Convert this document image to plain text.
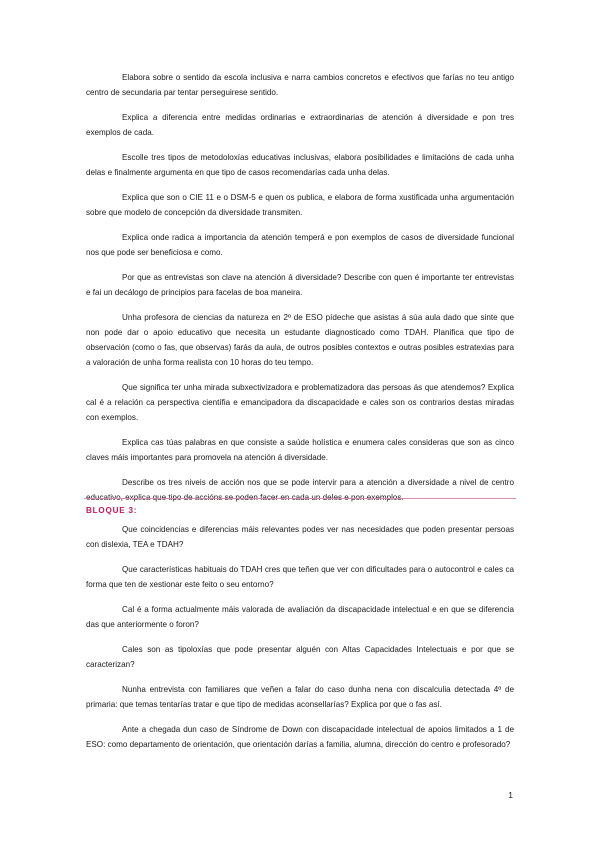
Elabora sobre o sentido da escola inclusiva e narra cambios concretos e efectivos que farías no teu antigo centro de secundaria par tentar perseguirese sentido.

Explica a diferencia entre medidas ordinarias e extraordinarias de atención á diversidade e pon tres exemplos de cada.

Escolle tres tipos de metodoloxías educativas inclusivas, elabora posibilidades e limitacións de cada unha delas e finalmente argumenta en que tipo de casos recomendarías cada unha delas.

Explica que son o CIE 11 e o DSM-5 e quen os publica, e elabora de forma xustificada unha argumentación sobre que modelo de concepción da diversidade transmiten.

Explica onde radica a importancia da atención temperá e pon exemplos de casos de diversidade funcional nos que pode ser beneficiosa e como.

Por que as entrevistas son clave na atención á diversidade? Describe con quen é importante ter entrevistas e fai un decálogo de principios para facelas de boa maneira.

Unha profesora de ciencias da natureza en 2º de ESO pídeche que asistas á súa aula dado que sinte que non pode dar o apoio educativo que necesita un estudante diagnosticado como TDAH. Planifica que tipo de observación (como o fas, que observas) farás da aula, de outros posibles contextos e outras posibles estratexias para a valoración de unha forma realista con 10 horas do teu tempo.

Que significa ter unha mirada subxectivizadora e problematizadora das persoas ás que atendemos? Explica cal é a relación ca perspectiva científia e emancipadora da discapacidade e cales son os contrarios destas miradas con exemplos.

Explica cas túas palabras en que consiste a saúde holística e enumera cales consideras que son as cinco claves máis importantes para promovela na atención á diversidade.

Describe os tres niveis de acción nos que se pode intervir para a atención a diversidade a nivel de centro educativo, explica que tipo de accións se poden facer en cada un deles e pon exemplos.

BLOQUE 3:

Que coincidencias e diferencias máis relevantes podes ver nas necesidades que poden presentar persoas con dislexia, TEA e TDAH?

Que características habituais do TDAH cres que teñen que ver con dificultades para o autocontrol e cales ca forma que ten de xestionar este feito o seu entorno?

Cal é a forma actualmente máis valorada de avaliación da discapacidade intelectual e en que se diferencia das que anteriormente o foron?

Cales son as tipoloxías que pode presentar alguén con Altas Capacidades Intelectuais e por que se caracterizan?

Nunha entrevista con familiares que veñen a falar do caso dunha nena con discalculia detectada 4º de primaria: que temas tentarías tratar e que tipo de medidas aconsellarías? Explica por que o fas así.

Ante a chegada dun caso de Síndrome de Down con discapacidade intelectual de apoios limitados a 1 de ESO: como departamento de orientación, que orientación darías a familia, alumna, dirección do centro e profesorado?

1
